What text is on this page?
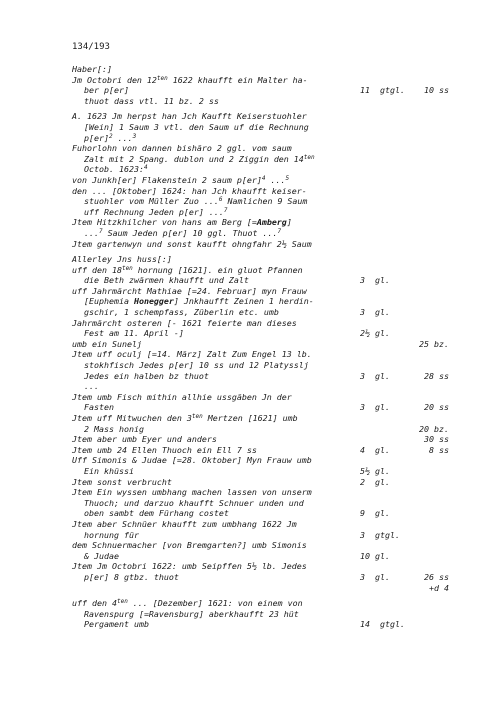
134/193
Haber[:]
Jm Octobri den $12^{ten}$ 1622 khaufft ein Malter ha-
ber p[er]	11  gtgl.	10 ss
thuot dass vtl. 11 bz. 2 ss
A. 1623 Jm herpst han Jch Kaufft Keiserstuohler
[Wein] 1 Saum 3 vtl. den Saum uf die Rechnung
p[er]$^2$ ...$^3$
Fuhorlohn von dannen bishäro 2 ggl. vom saum
Zalt mit 2 Spang. dublon und 2 Ziggin den $14^{ten}$
Octob. 1623:$^4$
von Junkh[er] Flakenstein 2 saum p[er]$^4$ ...$^5$
den ... [Oktober] 1624: han Jch khaufft keiser-
stuohler vom Müller Zuo ...$^6$ Namlichen 9 Saum
uff Rechnung Jeden p[er] ...$^7$
Jtem Hitzkhilcher von hans am Berg [=Amberg]
...$^7$ Saum Jeden p[er] 10 ggl. Thuot ...$^7$
Jtem gartenwyn und sonst kaufft ohngfahr 2½ Saum
Allerley Jns huss[:]
uff den $18^{ten}$ hornung [1621]. ein gluot Pfannen
die Beth zwärmen khaufft und Zalt	3  gl.
uff Jahrmärcht Mathiae [=24. Februar] myn Frauw
[Euphemia Honegger] Jnkhaufft Zeinen 1 herdin-
gschir, 1 schempfass, Züberlin etc. umb	3  gl.
Jahrmärcht osteren [- 1621 feierte man dieses
Fest am 11. April -]	2½ gl.
umb ein Sunelj	25 bz.
Jtem uff oculj [=14. März] Zalt Zum Engel 13 lb.
stokhfisch Jedes p[er] 10 ss und 12 Platysslj
Jedes ein halben bz thuot	3  gl.	28 ss
...
Jtem umb Fisch mithin allhie ussgäben Jn der
Fasten	3  gl.	20 ss
Jtem uff Mitwuchen den $3^{ten}$ Mertzen [1621] umb
2 Mass honig	20 bz.
Jtem aber umb Eyer und anders	30 ss
Jtem umb 24 Ellen Thuoch ein Ell 7 ss	4  gl.	8 ss
Uff Simonis & Judae [=28. Oktober] Myn Frauw umb
Ein khüssi	5½ gl.
Jtem sonst verbrucht	2  gl.
Jtem Ein wyssen umbhang machen lassen von unserm
Thuoch; und darzuo khaufft Schnuer unden und
oben sambt dem Fürhang costet	9  gl.
Jtem aber Schnüer khaufft zum umbhang 1622 Jm
hornung für	3  gtgl.
dem Schnuermacher [von Bremgarten?] umb Simonis
& Judae	10 gl.
Jtem Jm Octobri 1622: umb Seipffen 5½ lb. Jedes
p[er] 8 gtbz. thuot	3  gl.	26 ss
+d 4
uff den $4^{ten}$ ... [Dezember] 1621: von einem von
Ravenspurg [=Ravensburg] aberkhaufft 23 hüt
Pergament umb	14  gtgl.
